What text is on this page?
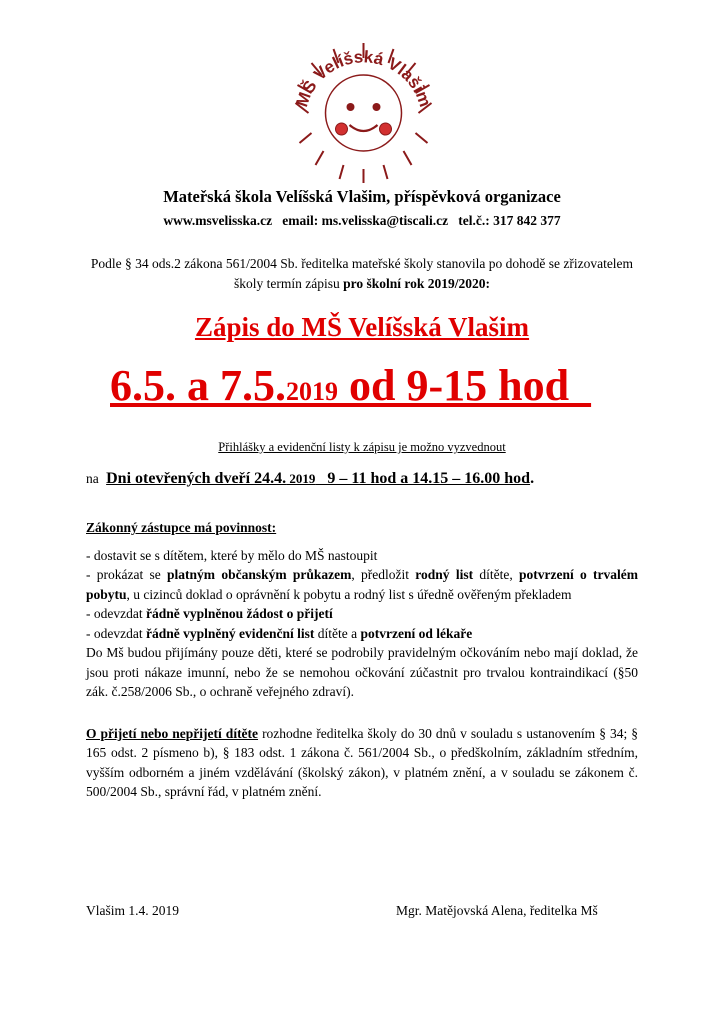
MŠ Velíšská Vlašim
Mateřská škola Velíšská Vlašim, příspěvková organizace
www.msvelisska.cz email: ms.velisska@tiscali.cz tel.č.: 317 842 377
Podle § 34 ods.2 zákona 561/2004 Sb. ředitelka mateřské školy stanovila po dohodě se zřizovatelem školy termín zápisu pro školní rok 2019/2020:
Zápis do MŠ Velíšská Vlašim
6.5. a 7.5.2019 od 9-15 hod
Přihlášky a evidenční listy k zápisu je možno vyzvednout
na  Dni otevřených dveří 24.4. 2019   9 – 11 hod a 14.15 – 16.00 hod.

Zákonný zástupce má povinnost:

- dostavit se s dítětem, které by mělo do MŠ nastoupit

- prokázat se platným občanským průkazem, předložit rodný list dítěte, potvrzení o trvalém pobytu, u cizinců doklad o oprávnění k pobytu a rodný list s úředně ověřeným překladem

- odevzdat řádně vyplněnou žádost o přijetí

- odevzdat řádně vyplněný evidenční list dítěte a potvrzení od lékaře

Do Mš budou přijímány pouze děti, které se podrobily pravidelným očkováním nebo mají doklad, že jsou proti nákaze imunní, nebo že se nemohou očkování zúčastnit pro trvalou kontraindikací (§50 zák. č.258/2006 Sb., o ochraně veřejného zdraví).

O přijetí nebo nepřijetí dítěte rozhodne ředitelka školy do 30 dnů v souladu s ustanovením § 34; § 165 odst. 2 písmeno b), § 183 odst. 1 zákona č. 561/2004 Sb., o předškolním, základním středním, vyšším odborném a jiném vzdělávání (školský zákon), v platném znění, a v souladu se zákonem č. 500/2004 Sb., správní řád, v platném znění.

Vlašim 1.4. 2019	Mgr. Matějovská Alena, ředitelka Mš
